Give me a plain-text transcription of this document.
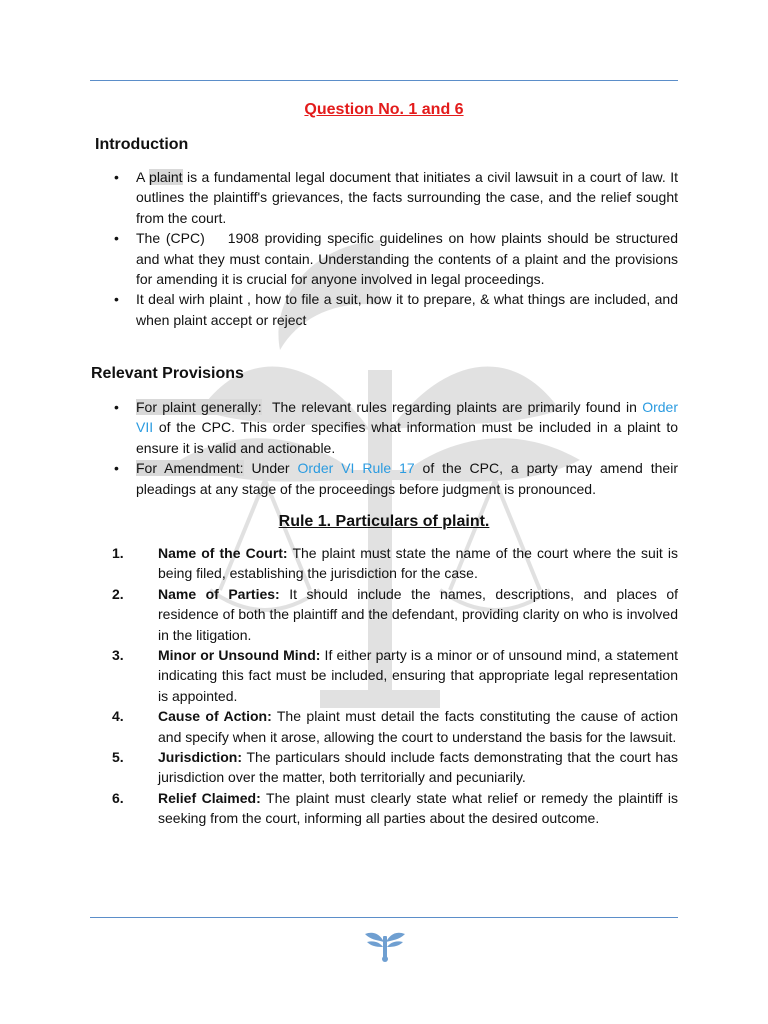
Question No. 1 and 6
Introduction
• A plaint is a fundamental legal document that initiates a civil lawsuit in a court of law. It outlines the plaintiff's grievances, the facts surrounding the case, and the relief sought from the court.
• The (CPC)    1908 providing specific guidelines on how plaints should be structured and what they must contain. Understanding the contents of a plaint and the provisions for amending it is crucial for anyone involved in legal proceedings.
• It deal wirh plaint , how to file a suit, how it to prepare, & what things are included, and when plaint accept or reject
Relevant Provisions
• For plaint generally:  The relevant rules regarding plaints are primarily found in Order VII of the CPC. This order specifies what information must be included in a plaint to ensure it is valid and actionable.
• For Amendment: Under Order VI Rule 17 of the CPC, a party may amend their pleadings at any stage of the proceedings before judgment is pronounced.
Rule 1. Particulars of plaint.
1. Name of the Court: The plaint must state the name of the court where the suit is being filed, establishing the jurisdiction for the case.
2. Name of Parties: It should include the names, descriptions, and places of residence of both the plaintiff and the defendant, providing clarity on who is involved in the litigation.
3. Minor or Unsound Mind: If either party is a minor or of unsound mind, a statement indicating this fact must be included, ensuring that appropriate legal representation is appointed.
4. Cause of Action: The plaint must detail the facts constituting the cause of action and specify when it arose, allowing the court to understand the basis for the lawsuit.
5. Jurisdiction: The particulars should include facts demonstrating that the court has jurisdiction over the matter, both territorially and pecuniarily.
6. Relief Claimed: The plaint must clearly state what relief or remedy the plaintiff is seeking from the court, informing all parties about the desired outcome.
